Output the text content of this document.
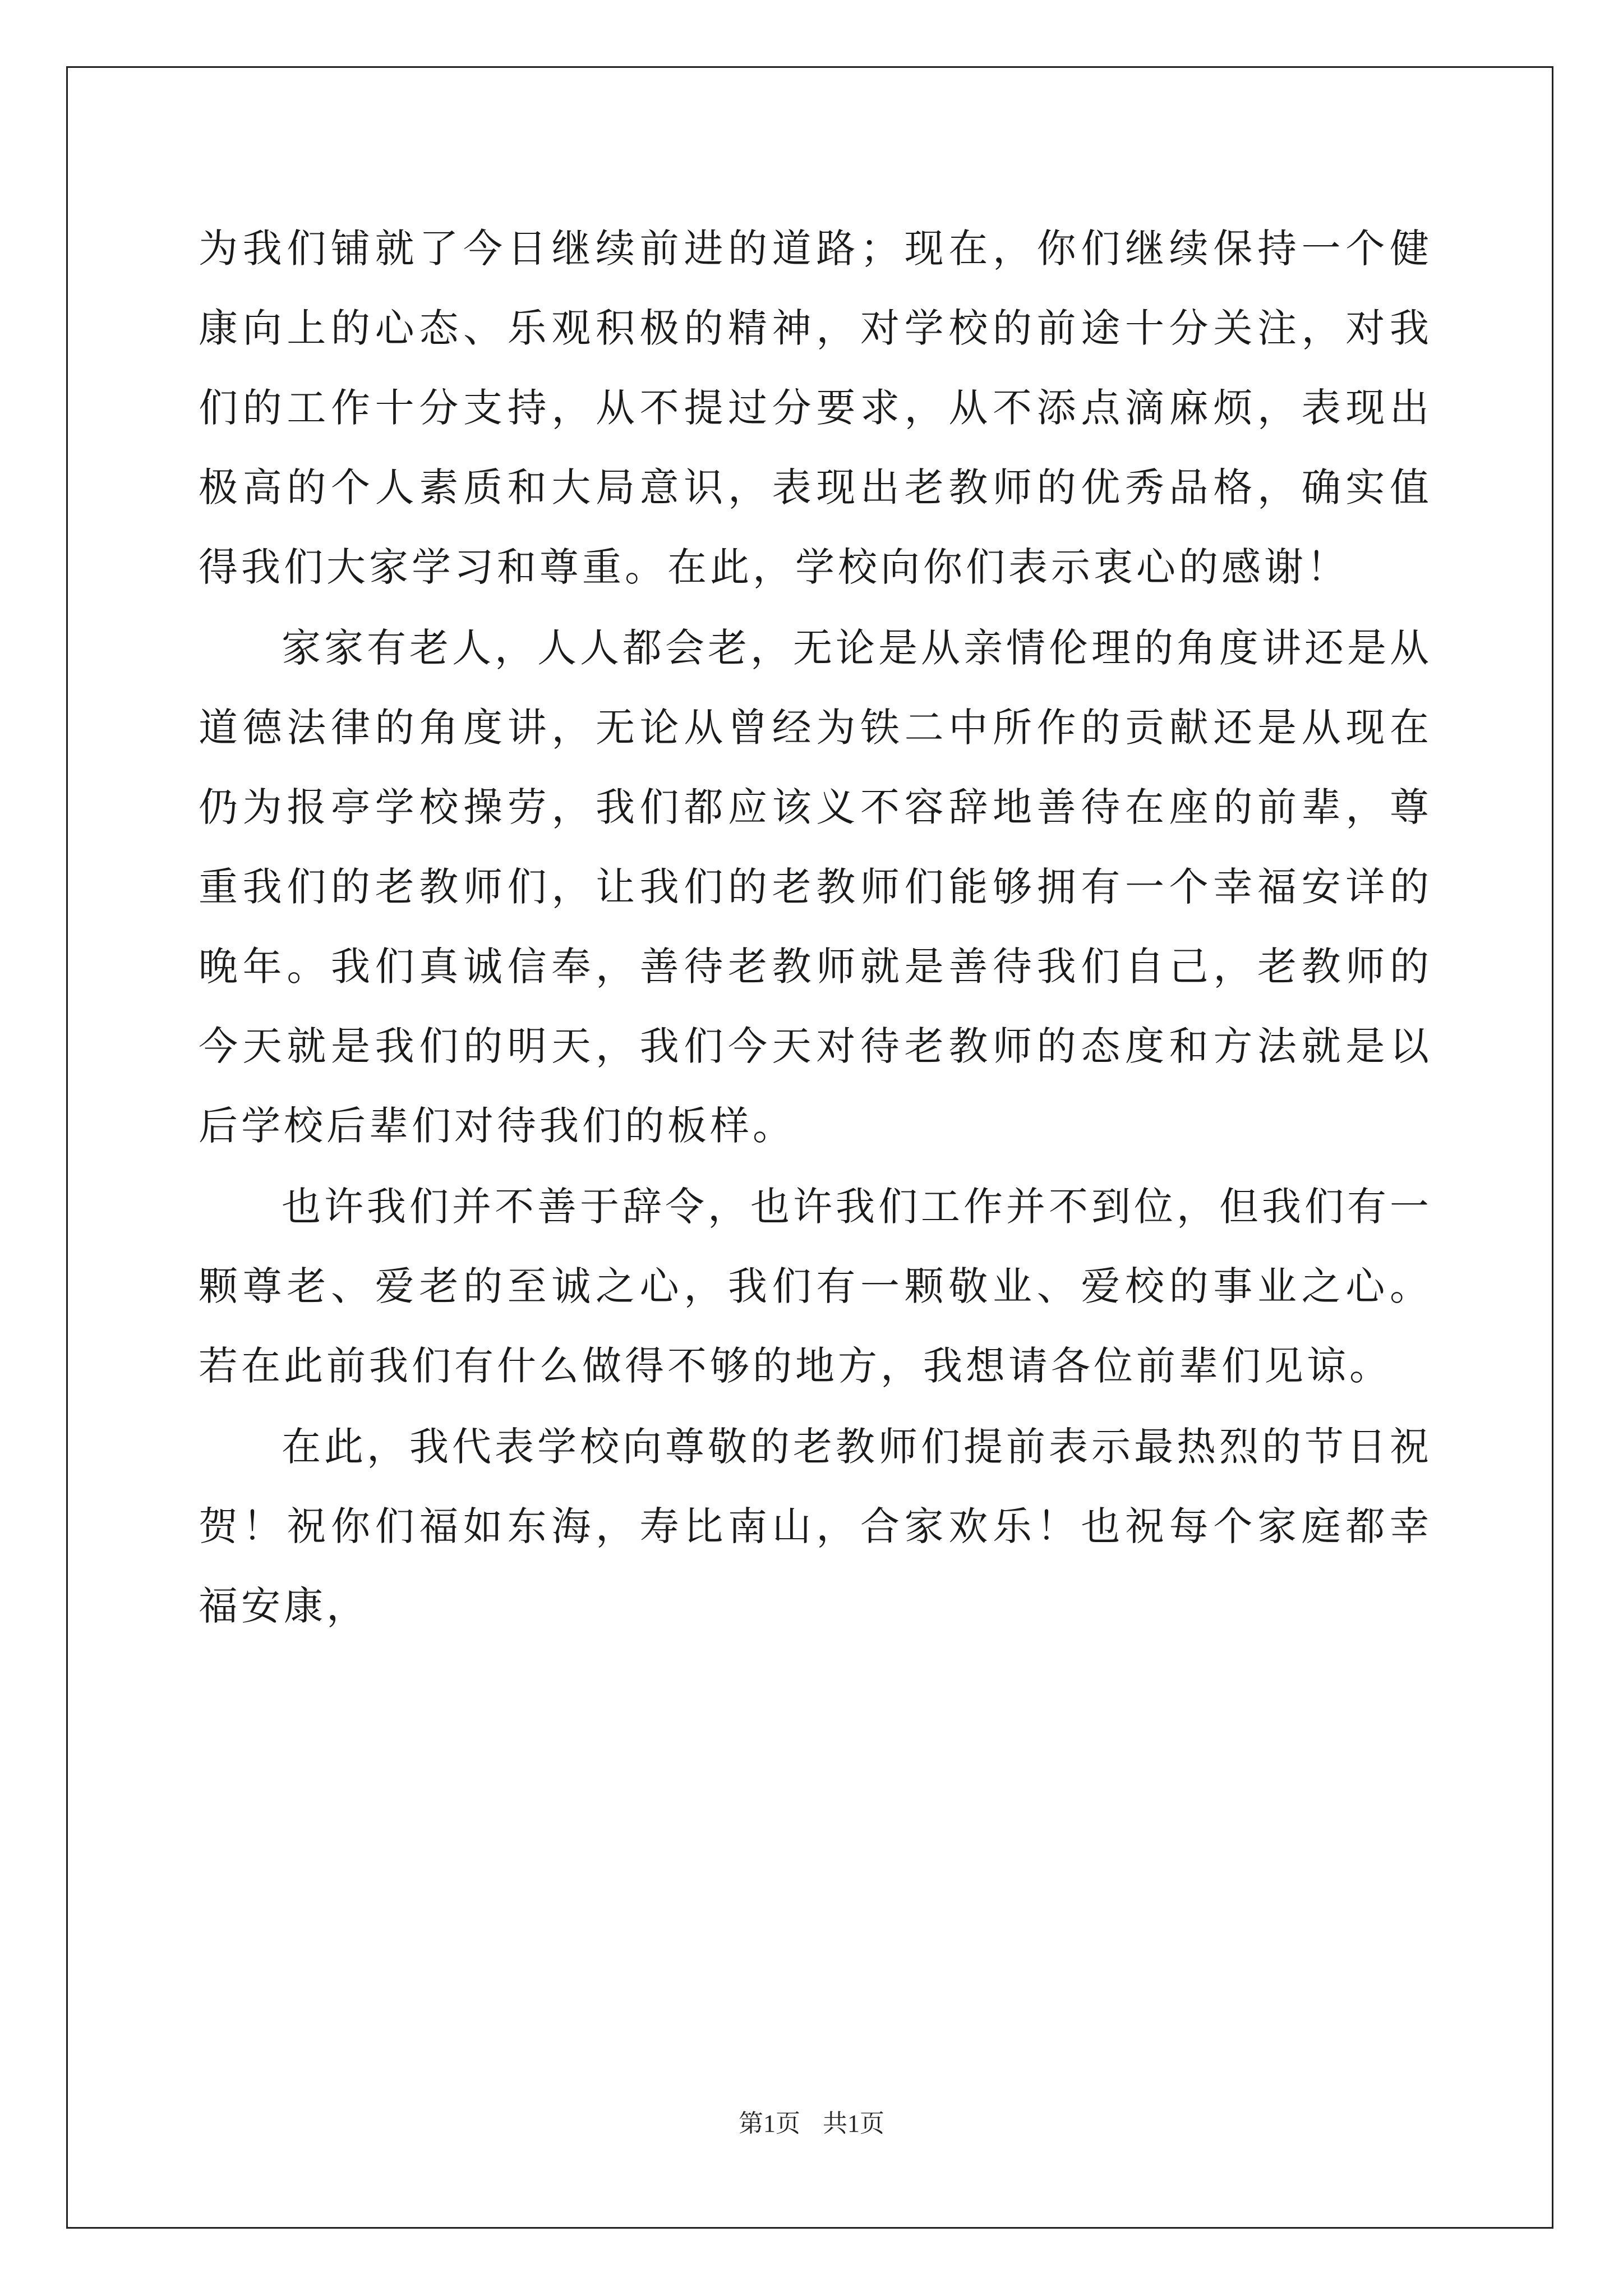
为我们铺就了今日继续前进的道路；现在，你们继续保持一个健康向上的心态、乐观积极的精神，对学校的前途十分关注，对我们的工作十分支持，从不提过分要求，从不添点滴麻烦，表现出极高的个人素质和大局意识，表现出老教师的优秀品格，确实值得我们大家学习和尊重。在此，学校向你们表示衷心的感谢！

家家有老人，人人都会老，无论是从亲情伦理的角度讲还是从道德法律的角度讲，无论从曾经为铁二中所作的贡献还是从现在仍为报亭学校操劳，我们都应该义不容辞地善待在座的前辈，尊重我们的老教师们，让我们的老教师们能够拥有一个幸福安详的晚年。我们真诚信奉，善待老教师就是善待我们自己，老教师的今天就是我们的明天，我们今天对待老教师的态度和方法就是以后学校后辈们对待我们的板样。

也许我们并不善于辞令，也许我们工作并不到位，但我们有一颗尊老、爱老的至诚之心，我们有一颗敬业、爱校的事业之心。若在此前我们有什么做得不够的地方，我想请各位前辈们见谅。

在此，我代表学校向尊敬的老教师们提前表示最热烈的节日祝贺！祝你们福如东海，寿比南山，合家欢乐！也祝每个家庭都幸福安康，

第1页 共1页
